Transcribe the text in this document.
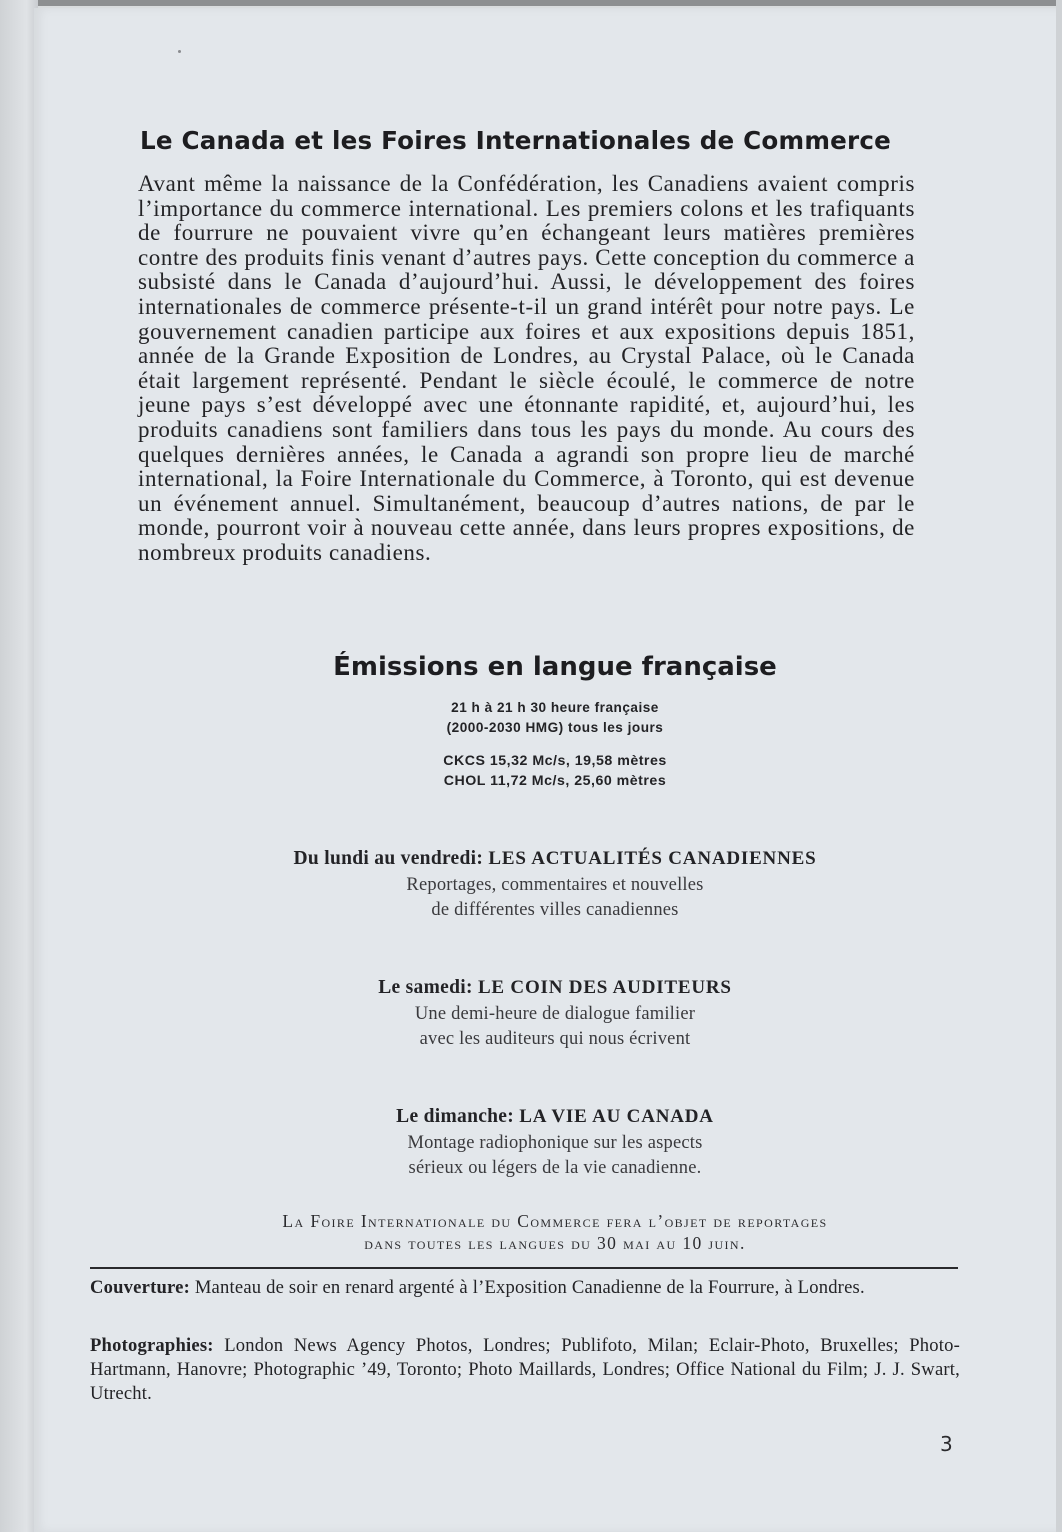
Le Canada et les Foires Internationales de Commerce

Avant même la naissance de la Confédération, les Canadiens avaient compris l’importance du commerce international. Les premiers colons et les trafiquants de fourrure ne pouvaient vivre qu’en échangeant leurs matières premières contre des produits finis venant d’autres pays. Cette conception du commerce a subsisté dans le Canada d’aujourd’hui. Aussi, le développement des foires internationales de commerce présente-t-il un grand intérêt pour notre pays. Le gouvernement canadien participe aux foires et aux expositions depuis 1851, année de la Grande Exposition de Londres, au Crystal Palace, où le Canada était largement représenté. Pendant le siècle écoulé, le commerce de notre jeune pays s’est développé avec une étonnante rapidité, et, aujourd’hui, les produits canadiens sont familiers dans tous les pays du monde. Au cours des quelques dernières années, le Canada a agrandi son propre lieu de marché international, la Foire Internationale du Commerce, à Toronto, qui est devenue un événement annuel. Simultanément, beaucoup d’autres nations, de par le monde, pourront voir à nouveau cette année, dans leurs propres expositions, de nombreux produits canadiens.

Émissions en langue française
21 h à 21 h 30 heure française
(2000-2030 HMG) tous les jours
CKCS 15,32 Mc/s, 19,58 mètres
CHOL 11,72 Mc/s, 25,60 mètres
Du lundi au vendredi: LES ACTUALITÉS CANADIENNES
Reportages, commentaires et nouvelles
de différentes villes canadiennes
Le samedi: LE COIN DES AUDITEURS
Une demi-heure de dialogue familier
avec les auditeurs qui nous écrivent
Le dimanche: LA VIE AU CANADA
Montage radiophonique sur les aspects
sérieux ou légers de la vie canadienne.
La Foire Internationale du Commerce fera l’objet de reportages
dans toutes les langues du 30 mai au 10 juin.

Couverture: Manteau de soir en renard argenté à l’Exposition Canadienne de la Fourrure, à Londres.

Photographies: London News Agency Photos, Londres; Publifoto, Milan; Eclair-Photo, Bruxelles; Photo-Hartmann, Hanovre; Photographic ’49, Toronto; Photo Maillards, Londres; Office National du Film; J. J. Swart, Utrecht.

3
